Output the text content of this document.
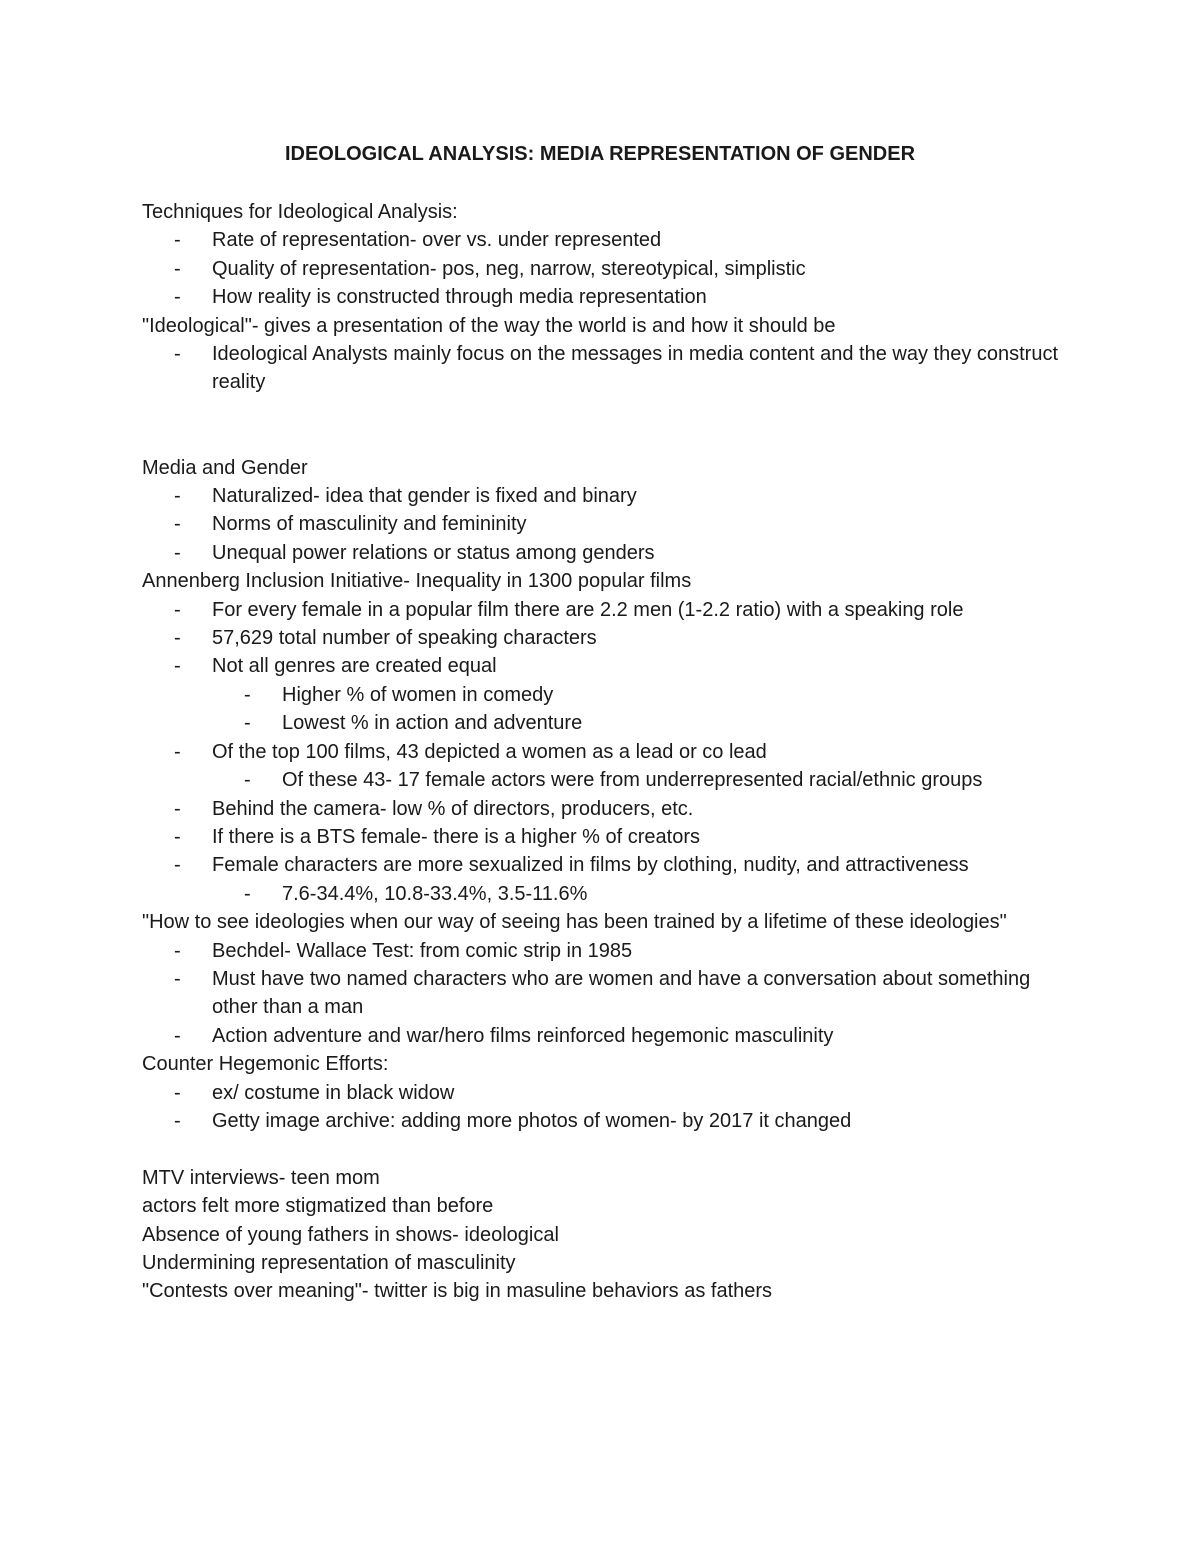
IDEOLOGICAL ANALYSIS: MEDIA REPRESENTATION OF GENDER
Techniques for Ideological Analysis:
- Rate of representation- over vs. under represented
- Quality of representation- pos, neg, narrow, stereotypical, simplistic
- How reality is constructed through media representation
"Ideological"- gives a presentation of the way the world is and how it should be
- Ideological Analysts mainly focus on the messages in media content and the way they construct reality
Media and Gender
- Naturalized- idea that gender is fixed and binary
- Norms of masculinity and femininity
- Unequal power relations or status among genders
Annenberg Inclusion Initiative- Inequality in 1300 popular films
- For every female in a popular film there are 2.2 men (1-2.2 ratio) with a speaking role
- 57,629 total number of speaking characters
- Not all genres are created equal
- Higher % of women in comedy
- Lowest % in action and adventure
- Of the top 100 films, 43 depicted a women as a lead or co lead
- Of these 43- 17 female actors were from underrepresented racial/ethnic groups
- Behind the camera- low % of directors, producers, etc.
- If there is a BTS female- there is a higher % of creators
- Female characters are more sexualized in films by clothing, nudity, and attractiveness
- 7.6-34.4%, 10.8-33.4%, 3.5-11.6%
"How to see ideologies when our way of seeing has been trained by a lifetime of these ideologies"
- Bechdel- Wallace Test: from comic strip in 1985
- Must have two named characters who are women and have a conversation about something other than a man
- Action adventure and war/hero films reinforced hegemonic masculinity
Counter Hegemonic Efforts:
- ex/ costume in black widow
- Getty image archive: adding more photos of women- by 2017 it changed
MTV interviews- teen mom
actors felt more stigmatized than before
Absence of young fathers in shows- ideological
Undermining representation of masculinity
"Contests over meaning"- twitter is big in masuline behaviors as fathers
